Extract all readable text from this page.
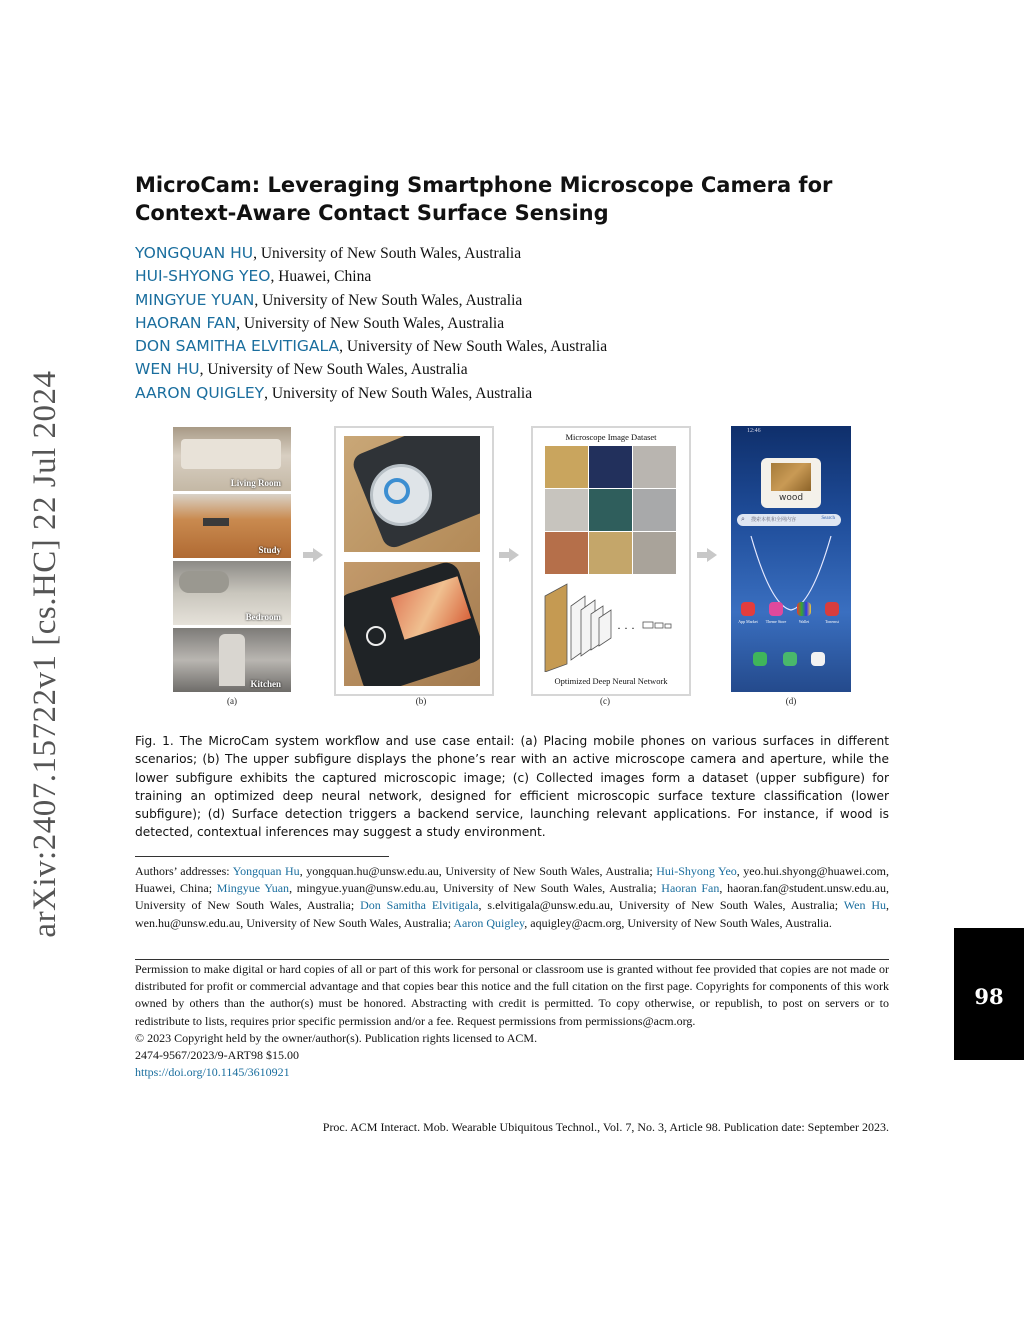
arXiv:2407.15722v1 [cs.HC] 22 Jul 2024
MicroCam: Leveraging Smartphone Microscope Camera for
Context-Aware Contact Surface Sensing
YONGQUAN HU, University of New South Wales, Australia
HUI-SHYONG YEO, Huawei, China
MINGYUE YUAN, University of New South Wales, Australia
HAORAN FAN, University of New South Wales, Australia
DON SAMITHA ELVITIGALA, University of New South Wales, Australia
WEN HU, University of New South Wales, Australia
AARON QUIGLEY, University of New South Wales, Australia
Living Room
Study
Bedroom
Kitchen
(a)	(b)
Microscope Image Dataset
· · ·
Optimized Deep Neural Network
(c)
12:46
wood
⌕ 搜索本机和全网内容	Search
App Market	Theme Store	Wallet	Tonemst
(d)
Fig. 1. The MicroCam system workflow and use case entail: (a) Placing mobile phones on various surfaces in different scenarios; (b) The upper subfigure displays the phone’s rear with an active microscope camera and aperture, while the lower subfigure exhibits the captured microscopic image; (c) Collected images form a dataset (upper subfigure) for training an optimized deep neural network, designed for efficient microscopic surface texture classification (lower subfigure); (d) Surface detection triggers a backend service, launching relevant applications. For instance, if wood is detected, contextual inferences may suggest a study environment.
Authors’ addresses: Yongquan Hu, yongquan.hu@unsw.edu.au, University of New South Wales, Australia; Hui-Shyong Yeo, yeo.hui.shyong@huawei.com, Huawei, China; Mingyue Yuan, mingyue.yuan@unsw.edu.au, University of New South Wales, Australia; Haoran Fan, haoran.fan@student.unsw.edu.au, University of New South Wales, Australia; Don Samitha Elvitigala, s.elvitigala@unsw.edu.au, University of New South Wales, Australia; Wen Hu, wen.hu@unsw.edu.au, University of New South Wales, Australia; Aaron Quigley, aquigley@acm.org, University of New South Wales, Australia.
Permission to make digital or hard copies of all or part of this work for personal or classroom use is granted without fee provided that copies are not made or distributed for profit or commercial advantage and that copies bear this notice and the full citation on the first page. Copyrights for components of this work owned by others than the author(s) must be honored. Abstracting with credit is permitted. To copy otherwise, or republish, to post on servers or to redistribute to lists, requires prior specific permission and/or a fee. Request permissions from permissions@acm.org.
© 2023 Copyright held by the owner/author(s). Publication rights licensed to ACM.
2474-9567/2023/9-ART98 $15.00
https://doi.org/10.1145/3610921
Proc. ACM Interact. Mob. Wearable Ubiquitous Technol., Vol. 7, No. 3, Article 98. Publication date: September 2023.
98
